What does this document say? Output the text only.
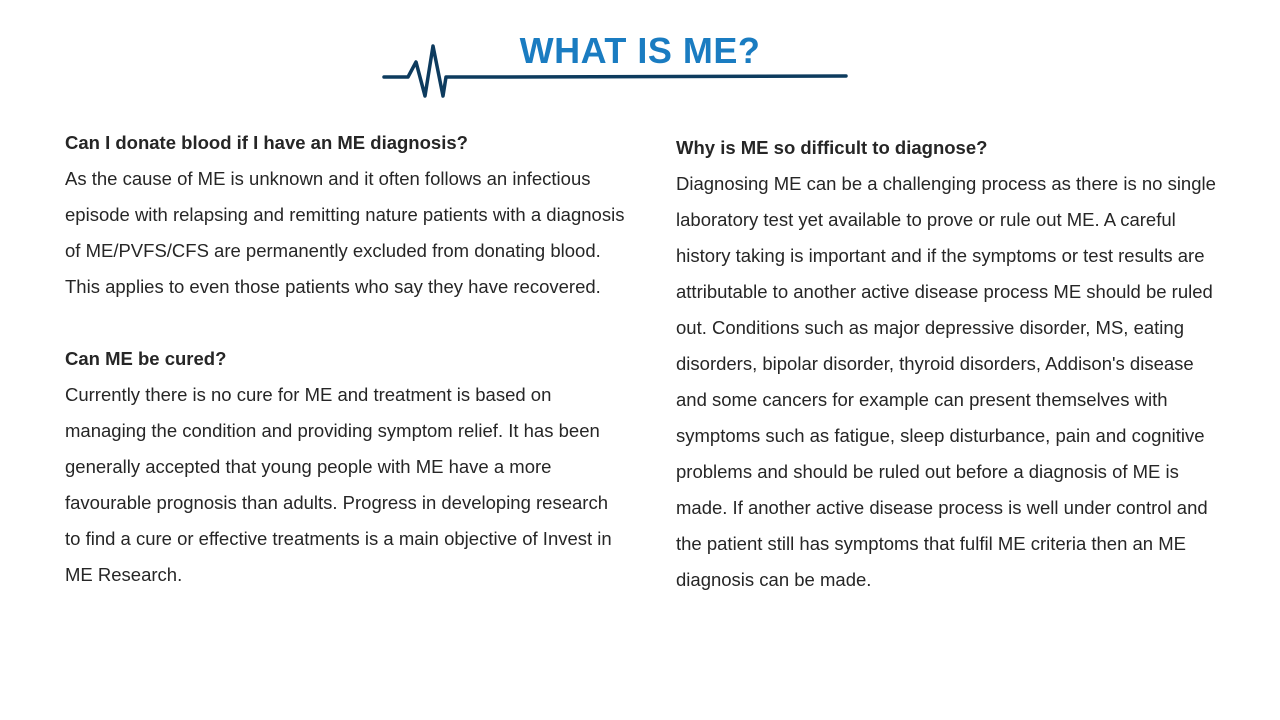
WHAT IS ME?

Can I donate blood if I have an ME diagnosis?

As the cause of ME is unknown and it often follows an infectious episode with relapsing and remitting nature patients with a diagnosis of ME/PVFS/CFS are permanently excluded from donating blood. This applies to even those patients who say they have recovered.

Can ME be cured?

Currently there is no cure for ME and treatment is based on managing the condition and providing symptom relief. It has been generally accepted that young people with ME have a more favourable prognosis than adults. Progress in developing research to find a cure or effective treatments is a main objective of Invest in ME Research.

Why is ME so difficult to diagnose?

Diagnosing ME can be a challenging process as there is no single laboratory test yet available to prove or rule out ME. A careful history taking is important and if the symptoms or test results are attributable to another active disease process ME should be ruled out. Conditions such as major depressive disorder, MS, eating disorders, bipolar disorder, thyroid disorders, Addison's disease and some cancers for example can present themselves with symptoms such as fatigue, sleep disturbance, pain and cognitive problems and should be ruled out before a diagnosis of ME is made. If another active disease process is well under control and the patient still has symptoms that fulfil ME criteria then an ME diagnosis can be made.
